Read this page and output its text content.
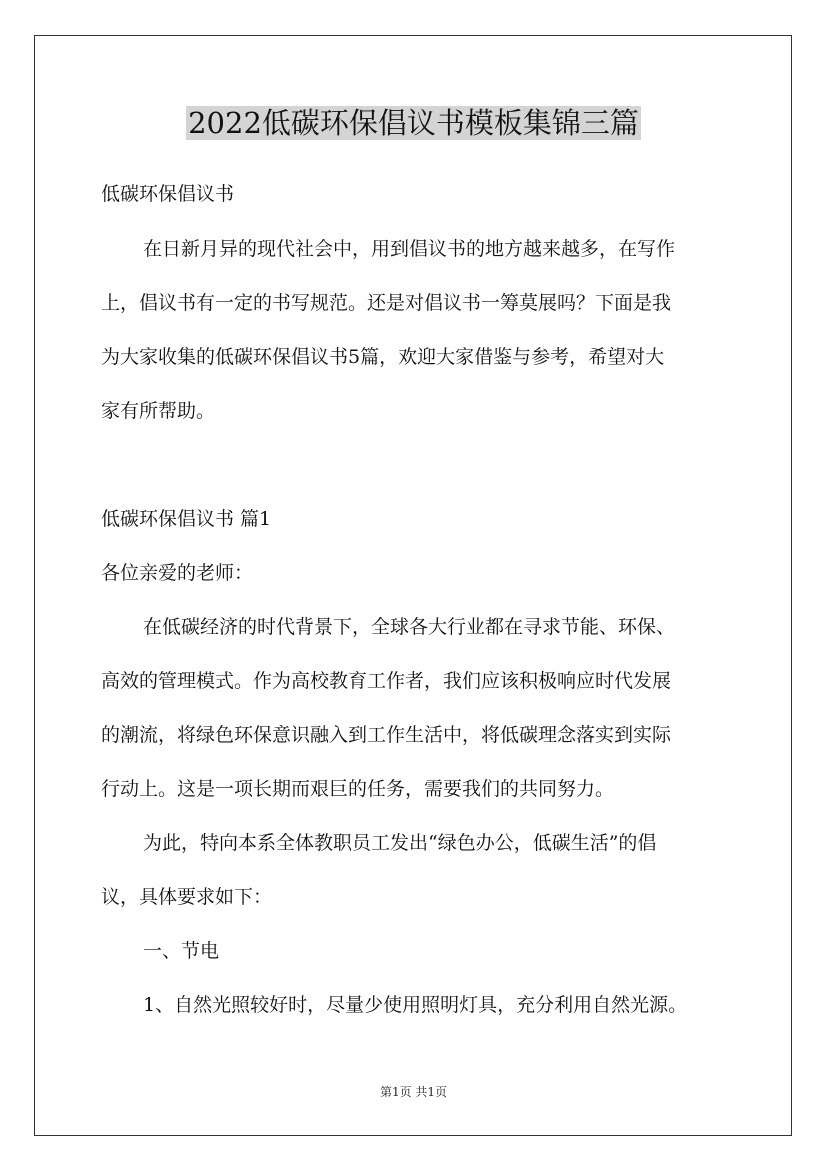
2022低碳环保倡议书模板集锦三篇

低碳环保倡议书

在日新月异的现代社会中，用到倡议书的地方越来越多，在写作

上，倡议书有一定的书写规范。还是对倡议书一筹莫展吗？下面是我

为大家收集的低碳环保倡议书5篇，欢迎大家借鉴与参考，希望对大

家有所帮助。

低碳环保倡议书 篇1

各位亲爱的老师：

在低碳经济的时代背景下，全球各大行业都在寻求节能、环保、

高效的管理模式。作为高校教育工作者，我们应该积极响应时代发展

的潮流，将绿色环保意识融入到工作生活中，将低碳理念落实到实际

行动上。这是一项长期而艰巨的任务，需要我们的共同努力。

为此，特向本系全体教职员工发出“绿色办公，低碳生活”的倡

议，具体要求如下：

一、节电

1、自然光照较好时，尽量少使用照明灯具，充分利用自然光源。

第1页 共1页
